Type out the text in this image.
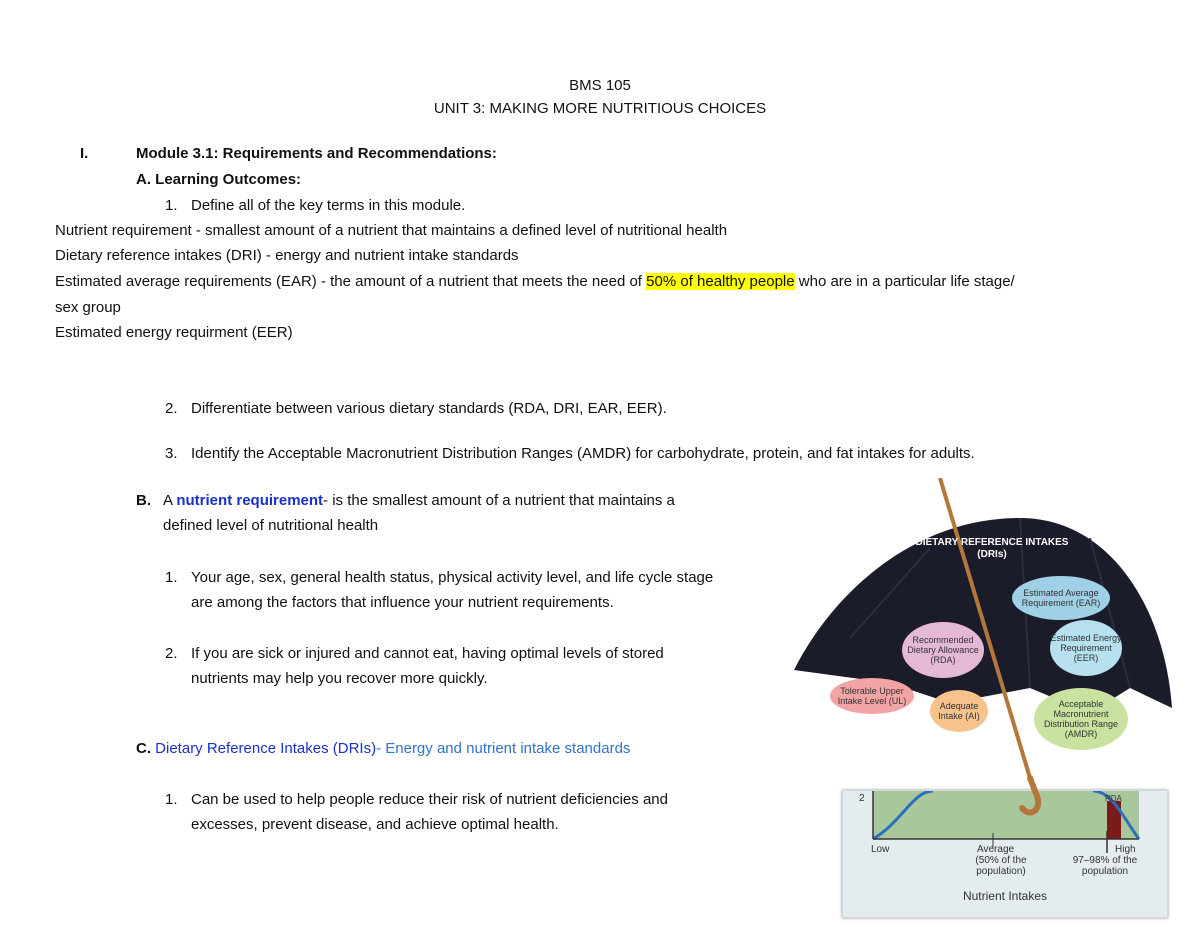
BMS 105
UNIT 3: MAKING MORE NUTRITIOUS CHOICES
I.	Module 3.1: Requirements and Recommendations:
A. Learning Outcomes:
1. Define all of the key terms in this module.
Nutrient requirement - smallest amount of a nutrient that maintains a defined level of nutritional health
Dietary reference intakes (DRI) - energy and nutrient intake standards
Estimated average requirements (EAR) - the amount of a nutrient that meets the need of 50% of healthy people who are in a particular life stage/
sex group
Estimated energy requirment (EER)
2. Differentiate between various dietary standards (RDA, DRI, EAR, EER).
3. Identify the Acceptable Macronutrient Distribution Ranges (AMDR) for carbohydrate, protein, and fat intakes for adults.
B. A nutrient requirement- is the smallest amount of a nutrient that maintains a
defined level of nutritional health
1. Your age, sex, general health status, physical activity level, and life cycle stage
are among the factors that influence your nutrient requirements.
2. If you are sick or injured and cannot eat, having optimal levels of stored
nutrients may help you recover more quickly.
C. Dietary Reference Intakes (DRIs)- Energy and nutrient intake standards
1. Can be used to help people reduce their risk of nutrient deficiencies and
excesses, prevent disease, and achieve optimal health.
2	RDA
Low	Average
(50% of the population)
High
97–98% of the population
Nutrient Intakes
DIETARY REFERENCE INTAKES
(DRIs)
Estimated Average Requirement (EAR)
Recommended Dietary Allowance (RDA)
Estimated Energy Requirement (EER)
Tolerable Upper Intake Level (UL)	Adequate Intake (AI)
Acceptable Macronutrient Distribution Range (AMDR)
